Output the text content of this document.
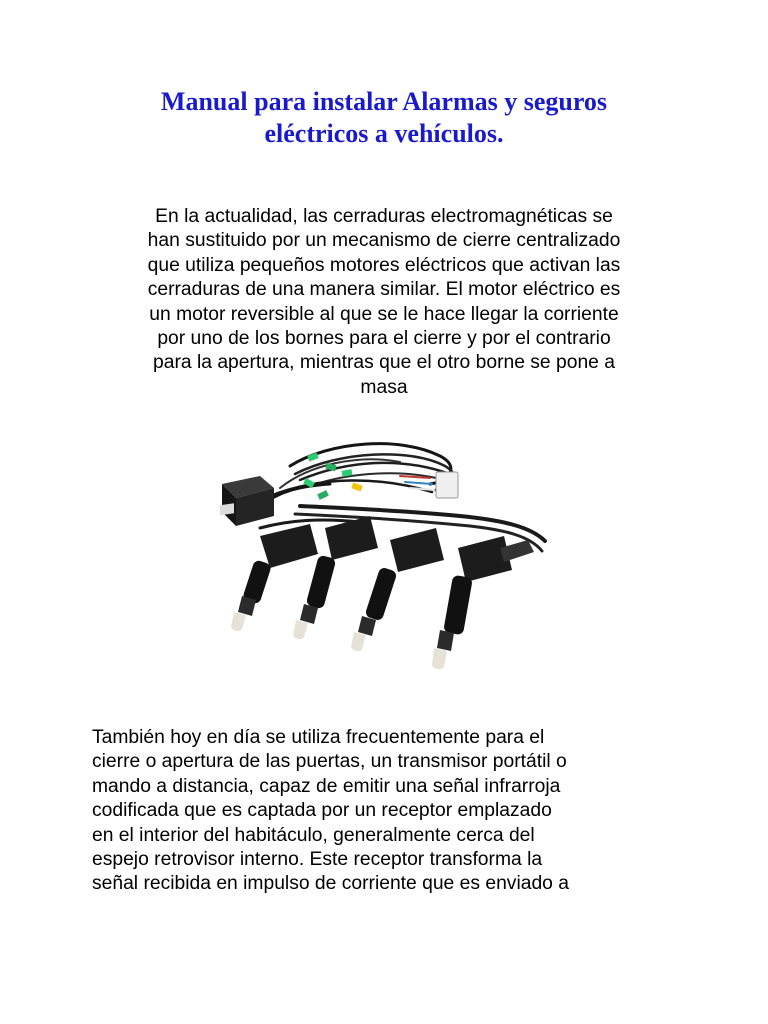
Manual para instalar Alarmas y seguros
eléctricos a vehículos.
En la actualidad, las cerraduras electromagnéticas se
han sustituido por un mecanismo de cierre centralizado
que utiliza pequeños motores eléctricos que activan las
cerraduras de una manera similar. El motor eléctrico es
un motor reversible al que se le hace llegar la corriente
por uno de los bornes para el cierre y por el contrario
para la apertura, mientras que el otro borne se pone a
masa
También hoy en día se utiliza frecuentemente para el
cierre o apertura de las puertas, un transmisor portátil o
mando a distancia, capaz de emitir una señal infrarroja
codificada que es captada por un receptor emplazado
en el interior del habitáculo, generalmente cerca del
espejo retrovisor interno. Este receptor transforma la
señal recibida en impulso de corriente que es enviado a
